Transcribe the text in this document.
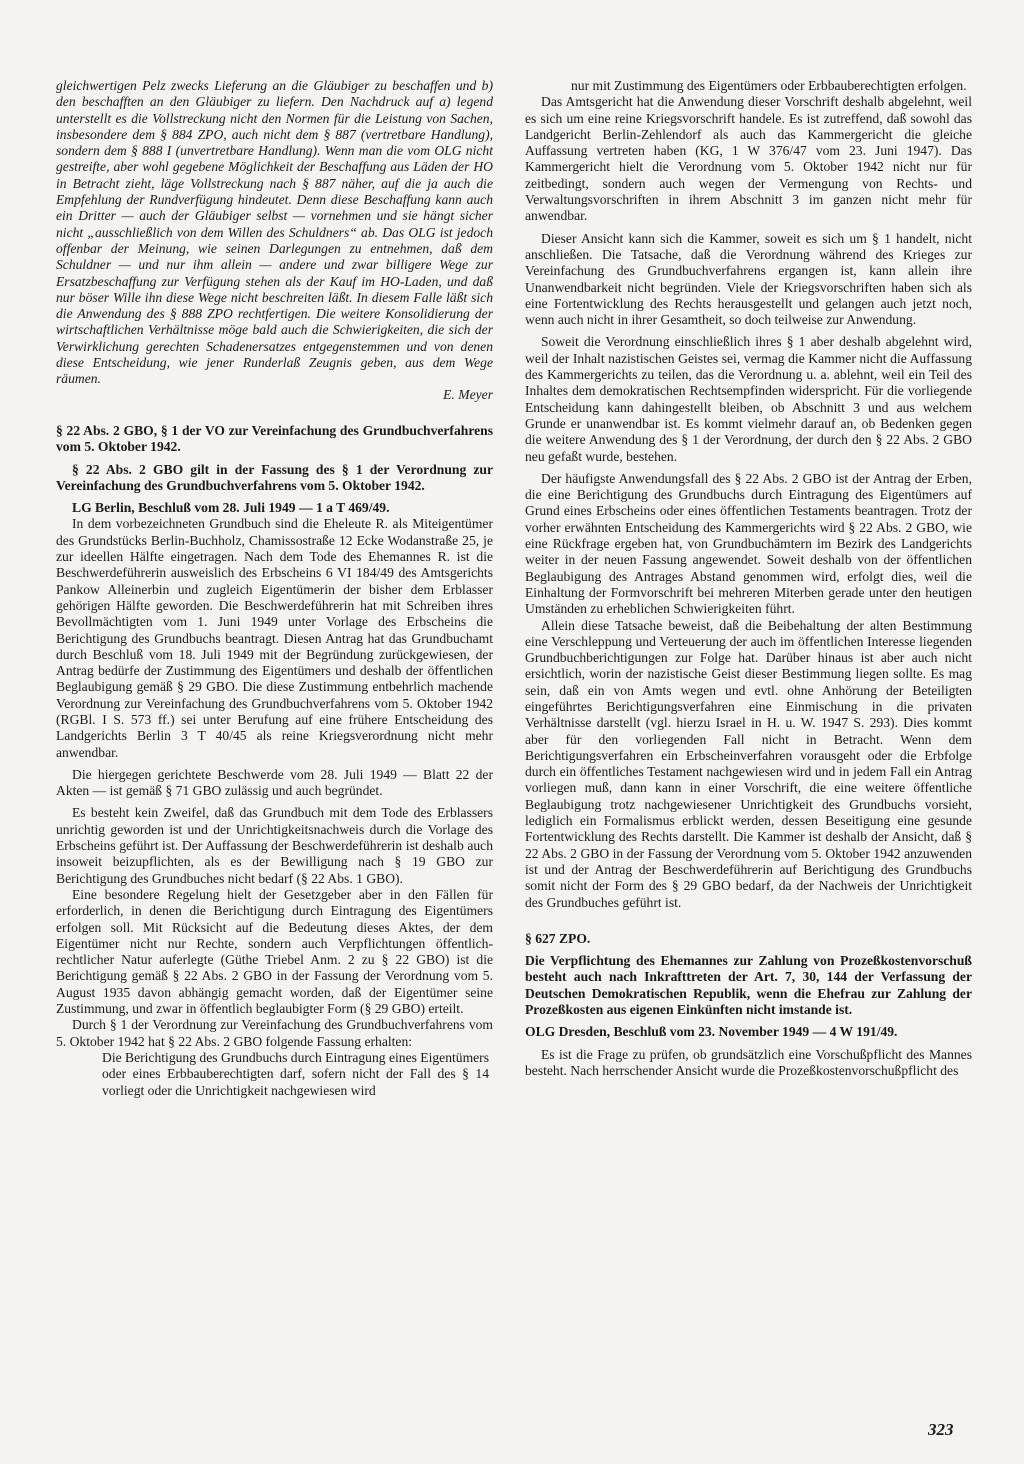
gleichwertigen Pelz zwecks Lieferung an die Gläubiger zu beschaffen und b) den beschafften an den Gläubiger zu liefern. Den Nachdruck auf a) legend unterstellt es die Vollstreckung nicht den Normen für die Leistung von Sachen, insbesondere dem § 884 ZPO, auch nicht dem § 887 (vertretbare Handlung), sondern dem § 888 I (unvertretbare Handlung). Wenn man die vom OLG nicht gestreifte, aber wohl gegebene Möglichkeit der Beschaffung aus Läden der HO in Betracht zieht, läge Vollstreckung nach § 887 näher, auf die ja auch die Empfehlung der Rundverfügung hindeutet. Denn diese Beschaffung kann auch ein Dritter — auch der Gläubiger selbst — vornehmen und sie hängt sicher nicht „ausschließlich von dem Willen des Schuldners“ ab. Das OLG ist jedoch offenbar der Meinung, wie seinen Darlegungen zu entnehmen, daß dem Schuldner — und nur ihm allein — andere und zwar billigere Wege zur Ersatzbeschaffung zur Verfügung stehen als der Kauf im HO-Laden, und daß nur böser Wille ihn diese Wege nicht beschreiten läßt. In diesem Falle läßt sich die Anwendung des § 888 ZPO rechtfertigen. Die weitere Konsolidierung der wirtschaftlichen Verhältnisse möge bald auch die Schwierigkeiten, die sich der Verwirklichung gerechten Schadenersatzes entgegenstemmen und von denen diese Entscheidung, wie jener Runderlaß Zeugnis geben, aus dem Wege räumen.

E. Meyer

§ 22 Abs. 2 GBO, § 1 der VO zur Vereinfachung des Grundbuchverfahrens vom 5. Oktober 1942.

§ 22 Abs. 2 GBO gilt in der Fassung des § 1 der Verordnung zur Vereinfachung des Grundbuchverfahrens vom 5. Oktober 1942.

LG Berlin, Beschluß vom 28. Juli 1949 — 1 a T 469/49.

In dem vorbezeichneten Grundbuch sind die Eheleute R. als Miteigentümer des Grundstücks Berlin-Buchholz, Chamissostraße 12 Ecke Wodanstraße 25, je zur ideellen Hälfte eingetragen. Nach dem Tode des Ehemannes R. ist die Beschwerdeführerin ausweislich des Erbscheins 6 VI 184/49 des Amtsgerichts Pankow Alleinerbin und zugleich Eigentümerin der bisher dem Erblasser gehörigen Hälfte geworden. Die Beschwerdeführerin hat mit Schreiben ihres Bevollmächtigten vom 1. Juni 1949 unter Vorlage des Erbscheins die Berichtigung des Grundbuchs beantragt. Diesen Antrag hat das Grundbuchamt durch Beschluß vom 18. Juli 1949 mit der Begründung zurückgewiesen, der Antrag bedürfe der Zustimmung des Eigentümers und deshalb der öffentlichen Beglaubigung gemäß § 29 GBO. Die diese Zustimmung entbehrlich machende Verordnung zur Vereinfachung des Grundbuchverfahrens vom 5. Oktober 1942 (RGBl. I S. 573 ff.) sei unter Berufung auf eine frühere Entscheidung des Landgerichts Berlin 3 T 40/45 als reine Kriegsverordnung nicht mehr anwendbar.

Die hiergegen gerichtete Beschwerde vom 28. Juli 1949 — Blatt 22 der Akten — ist gemäß § 71 GBO zulässig und auch begründet.

Es besteht kein Zweifel, daß das Grundbuch mit dem Tode des Erblassers unrichtig geworden ist und der Unrichtigkeitsnachweis durch die Vorlage des Erbscheins geführt ist. Der Auffassung der Beschwerdeführerin ist deshalb auch insoweit beizupflichten, als es der Bewilligung nach § 19 GBO zur Berichtigung des Grundbuches nicht bedarf (§ 22 Abs. 1 GBO).

Eine besondere Regelung hielt der Gesetzgeber aber in den Fällen für erforderlich, in denen die Berichtigung durch Eintragung des Eigentümers erfolgen soll. Mit Rücksicht auf die Bedeutung dieses Aktes, der dem Eigentümer nicht nur Rechte, sondern auch Verpflichtungen öffentlich-rechtlicher Natur auferlegte (Güthe Triebel Anm. 2 zu § 22 GBO) ist die Berichtigung gemäß § 22 Abs. 2 GBO in der Fassung der Verordnung vom 5. August 1935 davon abhängig gemacht worden, daß der Eigentümer seine Zustimmung, und zwar in öffentlich beglaubigter Form (§ 29 GBO) erteilt.

Durch § 1 der Verordnung zur Vereinfachung des Grundbuchverfahrens vom 5. Oktober 1942 hat § 22 Abs. 2 GBO folgende Fassung erhalten:

Die Berichtigung des Grundbuchs durch Eintragung eines Eigentümers oder eines Erbbauberechtigten darf, sofern nicht der Fall des § 14 vorliegt oder die Unrichtigkeit nachgewiesen wird

nur mit Zustimmung des Eigentümers oder Erbbauberechtigten erfolgen.

Das Amtsgericht hat die Anwendung dieser Vorschrift deshalb abgelehnt, weil es sich um eine reine Kriegsvorschrift handele. Es ist zutreffend, daß sowohl das Landgericht Berlin-Zehlendorf als auch das Kammergericht die gleiche Auffassung vertreten haben (KG, 1 W 376/47 vom 23. Juni 1947). Das Kammergericht hielt die Verordnung vom 5. Oktober 1942 nicht nur für zeitbedingt, sondern auch wegen der Vermengung von Rechts- und Verwaltungsvorschriften in ihrem Abschnitt 3 im ganzen nicht mehr für anwendbar.

Dieser Ansicht kann sich die Kammer, soweit es sich um § 1 handelt, nicht anschließen. Die Tatsache, daß die Verordnung während des Krieges zur Vereinfachung des Grundbuchverfahrens ergangen ist, kann allein ihre Unanwendbarkeit nicht begründen. Viele der Kriegsvorschriften haben sich als eine Fortentwicklung des Rechts herausgestellt und gelangen auch jetzt noch, wenn auch nicht in ihrer Gesamtheit, so doch teilweise zur Anwendung.

Soweit die Verordnung einschließlich ihres § 1 aber deshalb abgelehnt wird, weil der Inhalt nazistischen Geistes sei, vermag die Kammer nicht die Auffassung des Kammergerichts zu teilen, das die Verordnung u. a. ablehnt, weil ein Teil des Inhaltes dem demokratischen Rechtsempfinden widerspricht. Für die vorliegende Entscheidung kann dahingestellt bleiben, ob Abschnitt 3 und aus welchem Grunde er unanwendbar ist. Es kommt vielmehr darauf an, ob Bedenken gegen die weitere Anwendung des § 1 der Verordnung, der durch den § 22 Abs. 2 GBO neu gefaßt wurde, bestehen.

Der häufigste Anwendungsfall des § 22 Abs. 2 GBO ist der Antrag der Erben, die eine Berichtigung des Grundbuchs durch Eintragung des Eigentümers auf Grund eines Erbscheins oder eines öffentlichen Testaments beantragen. Trotz der vorher erwähnten Entscheidung des Kammergerichts wird § 22 Abs. 2 GBO, wie eine Rückfrage ergeben hat, von Grundbuchämtern im Bezirk des Landgerichts weiter in der neuen Fassung angewendet. Soweit deshalb von der öffentlichen Beglaubigung des Antrages Abstand genommen wird, erfolgt dies, weil die Einhaltung der Formvorschrift bei mehreren Miterben gerade unter den heutigen Umständen zu erheblichen Schwierigkeiten führt.

Allein diese Tatsache beweist, daß die Beibehaltung der alten Bestimmung eine Verschleppung und Verteuerung der auch im öffentlichen Interesse liegenden Grundbuchberichtigungen zur Folge hat. Darüber hinaus ist aber auch nicht ersichtlich, worin der nazistische Geist dieser Bestimmung liegen sollte. Es mag sein, daß ein von Amts wegen und evtl. ohne Anhörung der Beteiligten eingeführtes Berichtigungsverfahren eine Einmischung in die privaten Verhältnisse darstellt (vgl. hierzu Israel in H. u. W. 1947 S. 293). Dies kommt aber für den vorliegenden Fall nicht in Betracht. Wenn dem Berichtigungsverfahren ein Erbscheinverfahren vorausgeht oder die Erbfolge durch ein öffentliches Testament nachgewiesen wird und in jedem Fall ein Antrag vorliegen muß, dann kann in einer Vorschrift, die eine weitere öffentliche Beglaubigung trotz nachgewiesener Unrichtigkeit des Grundbuchs vorsieht, lediglich ein Formalismus erblickt werden, dessen Beseitigung eine gesunde Fortentwicklung des Rechts darstellt. Die Kammer ist deshalb der Ansicht, daß § 22 Abs. 2 GBO in der Fassung der Verordnung vom 5. Oktober 1942 anzuwenden ist und der Antrag der Beschwerdeführerin auf Berichtigung des Grundbuchs somit nicht der Form des § 29 GBO bedarf, da der Nachweis der Unrichtigkeit des Grundbuches geführt ist.

§ 627 ZPO.

Die Verpflichtung des Ehemannes zur Zahlung von Prozeßkostenvorschuß besteht auch nach Inkrafttreten der Art. 7, 30, 144 der Verfassung der Deutschen Demokratischen Republik, wenn die Ehefrau zur Zahlung der Prozeßkosten aus eigenen Einkünften nicht imstande ist.

OLG Dresden, Beschluß vom 23. November 1949 — 4 W 191/49.

Es ist die Frage zu prüfen, ob grundsätzlich eine Vorschußpflicht des Mannes besteht. Nach herrschender Ansicht wurde die Prozeßkostenvorschußpflicht des

323
